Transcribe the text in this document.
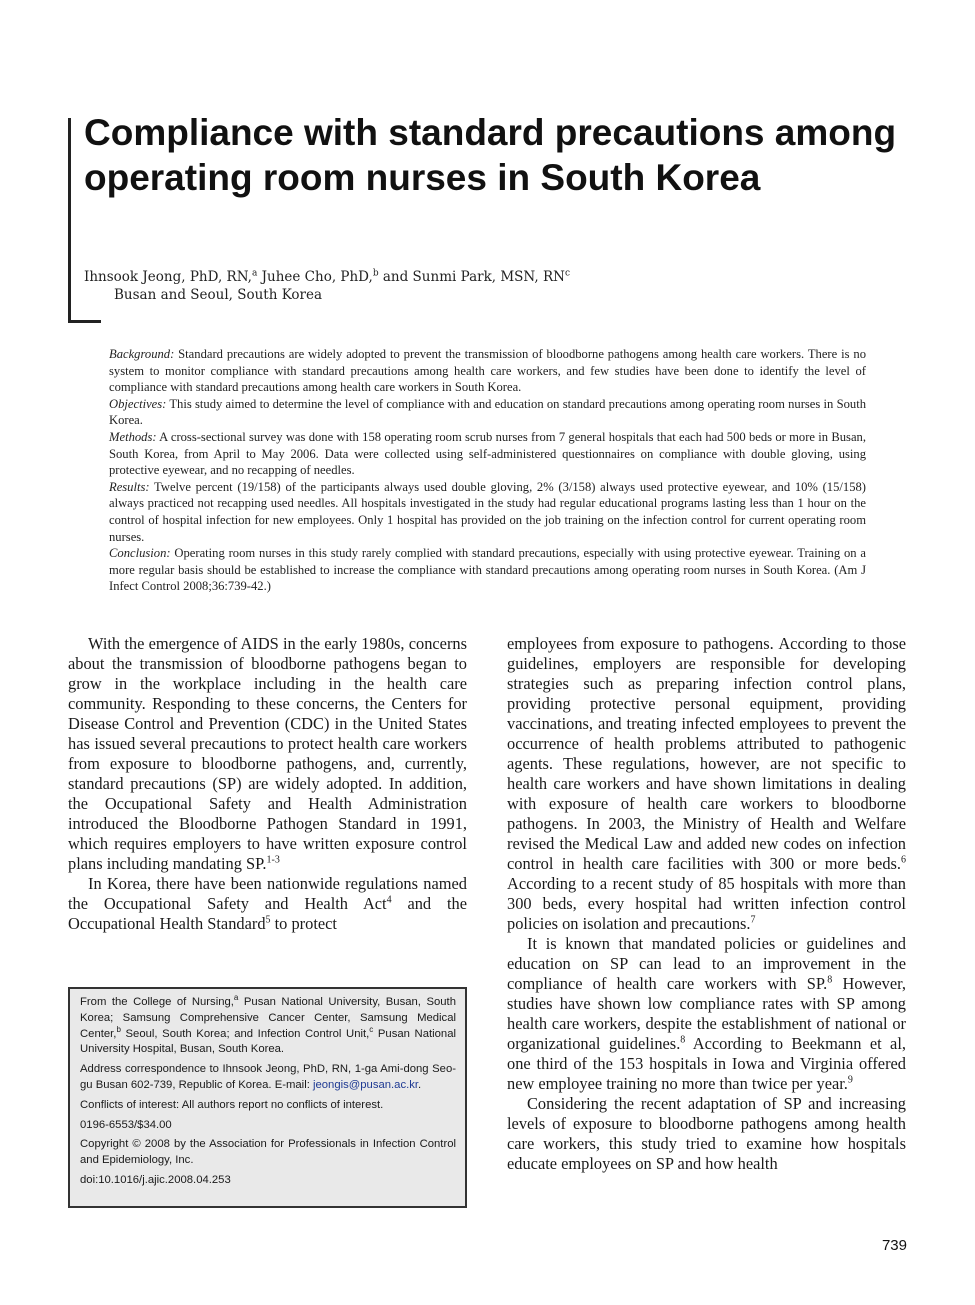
Compliance with standard precautions among operating room nurses in South Korea
Ihnsook Jeong, PhD, RN,$^a$ Juhee Cho, PhD,$^b$ and Sunmi Park, MSN, $RN^c$
Busan and Seoul, South Korea

Background: Standard precautions are widely adopted to prevent the transmission of bloodborne pathogens among health care workers. There is no system to monitor compliance with standard precautions among health care workers, and few studies have been done to identify the level of compliance with standard precautions among health care workers in South Korea.

Objectives: This study aimed to determine the level of compliance with and education on standard precautions among operating room nurses in South Korea.

Methods: A cross-sectional survey was done with 158 operating room scrub nurses from 7 general hospitals that each had 500 beds or more in Busan, South Korea, from April to May 2006. Data were collected using self-administered questionnaires on compliance with double gloving, using protective eyewear, and no recapping of needles.

Results: Twelve percent (19/158) of the participants always used double gloving, 2% (3/158) always used protective eyewear, and 10% (15/158) always practiced not recapping used needles. All hospitals investigated in the study had regular educational programs lasting less than 1 hour on the control of hospital infection for new employees. Only 1 hospital has provided on the job training on the infection control for current operating room nurses.

Conclusion: Operating room nurses in this study rarely complied with standard precautions, especially with using protective eyewear. Training on a more regular basis should be established to increase the compliance with standard precautions among operating room nurses in South Korea. (Am J Infect Control 2008;36:739-42.)

With the emergence of AIDS in the early 1980s, concerns about the transmission of bloodborne pathogens began to grow in the workplace including in the health care community. Responding to these concerns, the Centers for Disease Control and Prevention (CDC) in the United States has issued several precautions to protect health care workers from exposure to bloodborne pathogens, and, currently, standard precautions (SP) are widely adopted. In addition, the Occupational Safety and Health Administration introduced the Bloodborne Pathogen Standard in 1991, which requires employers to have written exposure control plans including mandating SP.$^{1-3}$

In Korea, there have been nationwide regulations named the Occupational Safety and Health Act$^4$ and the Occupational Health Standard$^5$ to protect

From the College of Nursing,$^a$ Pusan National University, Busan, South Korea; Samsung Comprehensive Cancer Center, Samsung Medical Center,$^b$ Seoul, South Korea; and Infection Control Unit,$^c$ Pusan National University Hospital, Busan, South Korea.

Address correspondence to Ihnsook Jeong, PhD, RN, 1-ga Ami-dong Seo-gu Busan 602-739, Republic of Korea. E-mail: jeongis@pusan.ac.kr.

Conflicts of interest: All authors report no conflicts of interest.

0196-6553/$34.00

Copyright © 2008 by the Association for Professionals in Infection Control and Epidemiology, Inc.

doi:10.1016/j.ajic.2008.04.253

employees from exposure to pathogens. According to those guidelines, employers are responsible for developing strategies such as preparing infection control plans, providing protective personal equipment, providing vaccinations, and treating infected employees to prevent the occurrence of health problems attributed to pathogenic agents. These regulations, however, are not specific to health care workers and have shown limitations in dealing with exposure of health care workers to bloodborne pathogens. In 2003, the Ministry of Health and Welfare revised the Medical Law and added new codes on infection control in health care facilities with 300 or more beds.$^6$ According to a recent study of 85 hospitals with more than 300 beds, every hospital had written infection control policies on isolation and precautions.$^7$

It is known that mandated policies or guidelines and education on SP can lead to an improvement in the compliance of health care workers with SP.$^8$ However, studies have shown low compliance rates with SP among health care workers, despite the establishment of national or organizational guidelines.$^8$ According to Beekmann et al, one third of the 153 hospitals in Iowa and Virginia offered new employee training no more than twice per year.$^9$

Considering the recent adaptation of SP and increasing levels of exposure to bloodborne pathogens among health care workers, this study tried to examine how hospitals educate employees on SP and how health

739
